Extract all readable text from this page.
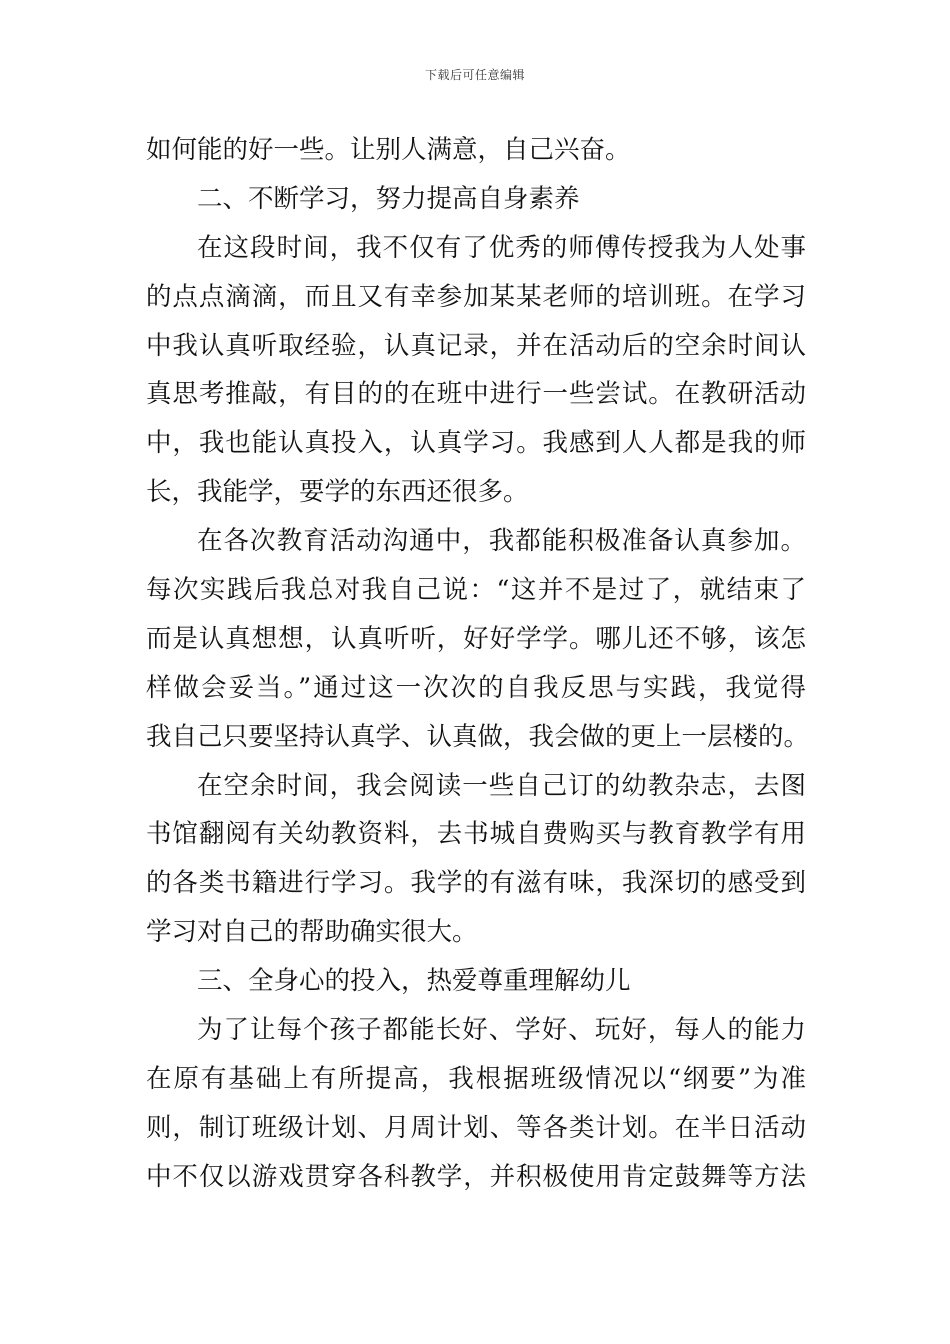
下载后可任意编辑
如何能的好一些。让别人满意，自己兴奋。
二、不断学习，努力提高自身素养
在这段时间，我不仅有了优秀的师傅传授我为人处事
的点点滴滴，而且又有幸参加某某老师的培训班。在学习
中我认真听取经验，认真记录，并在活动后的空余时间认
真思考推敲，有目的的在班中进行一些尝试。在教研活动
中，我也能认真投入，认真学习。我感到人人都是我的师
长，我能学，要学的东西还很多。
在各次教育活动沟通中，我都能积极准备认真参加。
每次实践后我总对我自己说：“这并不是过了，就结束了
而是认真想想，认真听听，好好学学。哪儿还不够，该怎
样做会妥当。”通过这一次次的自我反思与实践，我觉得
我自己只要坚持认真学、认真做，我会做的更上一层楼的。
在空余时间，我会阅读一些自己订的幼教杂志，去图
书馆翻阅有关幼教资料，去书城自费购买与教育教学有用
的各类书籍进行学习。我学的有滋有味，我深切的感受到
学习对自己的帮助确实很大。
三、全身心的投入，热爱尊重理解幼儿
为了让每个孩子都能长好、学好、玩好，每人的能力
在原有基础上有所提高，我根据班级情况以“纲要”为准
则，制订班级计划、月周计划、等各类计划。在半日活动
中不仅以游戏贯穿各科教学，并积极使用肯定鼓舞等方法
